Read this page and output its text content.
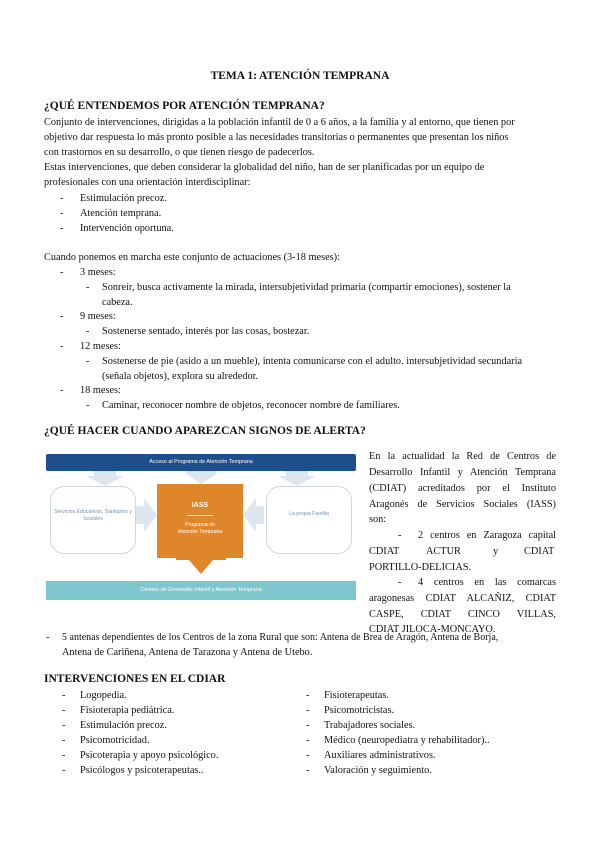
TEMA 1: ATENCIÓN TEMPRANA
¿QUÉ ENTENDEMOS POR ATENCIÓN TEMPRANA?
Conjunto de intervenciones, dirigidas a la población infantil de 0 a 6 años, a la familia y al entorno, que tienen por
objetivo dar respuesta lo más pronto posible a las necesidades transitorias o permanentes que presentan los niños
con trastornos en su desarrollo, o que tienen riesgo de padecerlos.
Estas intervenciones, que deben considerar la globalidad del niño, han de ser planificadas por un equipo de
profesionales con una orientación interdisciplinar:
- Estimulación precoz.
- Atención temprana.
- Intervención oportuna.
Cuando ponemos en marcha este conjunto de actuaciones (3-18 meses):
- 3 meses:
- Sonreír, busca activamente la mirada, intersubjetividad primaria (compartir emociones), sostener la
cabeza.
- 9 meses:
- Sostenerse sentado, interés por las cosas, bostezar.
- 12 meses:
- Sostenerse de pie (asido a un mueble), intenta comunicarse con el adulto. intersubjetividad secundaria
(señala objetos), explora su alrededor.
- 18 meses:
- Caminar, reconocer nombre de objetos, reconocer nombre de familiares.
¿QUÉ HACER CUANDO APAREZCAN SIGNOS DE ALERTA?
Acceso al Programa de Atención Temprana
Servicios Educativos, Sanitarios y Sociales
La propia Familia
IASS
Programa de Atención Temprana
Centros de Desarrollo Infantil y Atención Temprana
En la actualidad la Red de Centros de
Desarrollo Infantil y Atención Temprana
(CDIAT) acreditados por el Instituto
Aragonés de Servicios Sociales (IASS)
son:
- 2 centros en Zaragoza capital
CDIAT	ACTUR	y	CDIAT
PORTILLO-DELICIAS.
- 4 centros en las comarcas
aragonesas CDIAT ALCAÑIZ, CDIAT
CASPE, CDIAT CINCO VILLAS,
CDIAT JILOCA-MONCAYO.
- 5 antenas dependientes de los Centros de la zona Rural que son: Antena de Brea de Aragón, Antena de Borja,
Antena de Cariñena, Antena de Tarazona y Antena de Utebo.
INTERVENCIONES EN EL CDIAR
- Logopedia.
- Fisioterapia pediátrica.
- Estimulación precoz.
- Psicomotricidad.
- Psicoterapia y apoyo psicológico.
- Psicólogos y psicoterapeutas..
- Fisioterapeutas.
- Psicomotricistas.
- Trabajadores sociales.
- Médico (neuropediatra y rehabilitador)..
- Auxiliares administrativos.
- Valoración y seguimiento.
